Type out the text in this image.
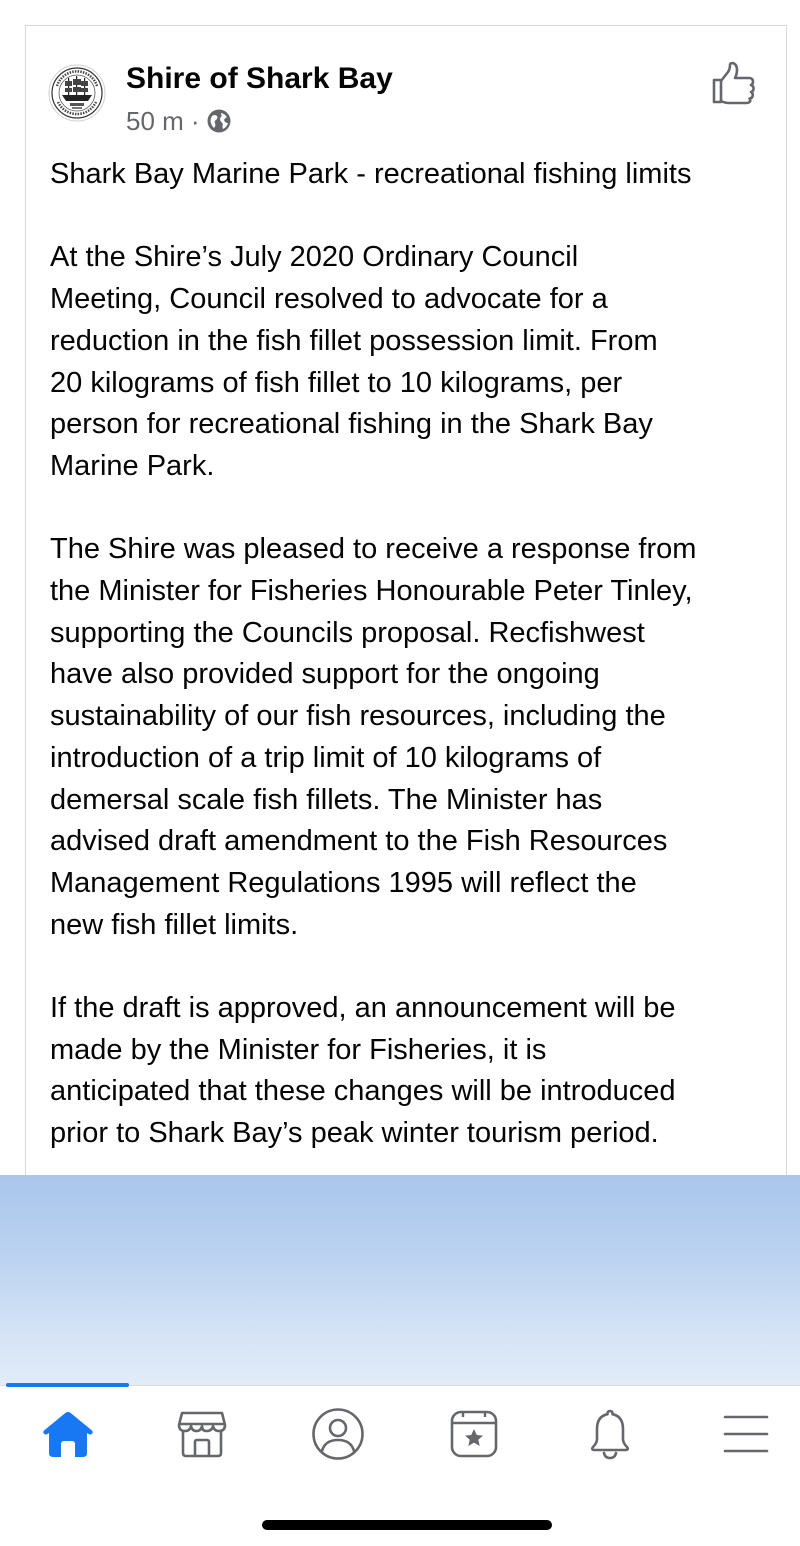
Shire of Shark Bay
50 m ·

Shark Bay Marine Park - recreational fishing limits

At the Shire’s July 2020 Ordinary Council
Meeting, Council resolved to advocate for a
reduction in the fish fillet possession limit. From
20 kilograms of fish fillet to 10 kilograms, per
person for recreational fishing in the Shark Bay
Marine Park.

The Shire was pleased to receive a response from
the Minister for Fisheries Honourable Peter Tinley,
supporting the Councils proposal. Recfishwest
have also provided support for the ongoing
sustainability of our fish resources, including the
introduction of a trip limit of 10 kilograms of
demersal scale fish fillets. The Minister has
advised draft amendment to the Fish Resources
Management Regulations 1995 will reflect the
new fish fillet limits.

If the draft is approved, an announcement will be
made by the Minister for Fisheries, it is
anticipated that these changes will be introduced
prior to Shark Bay’s peak winter tourism period.
